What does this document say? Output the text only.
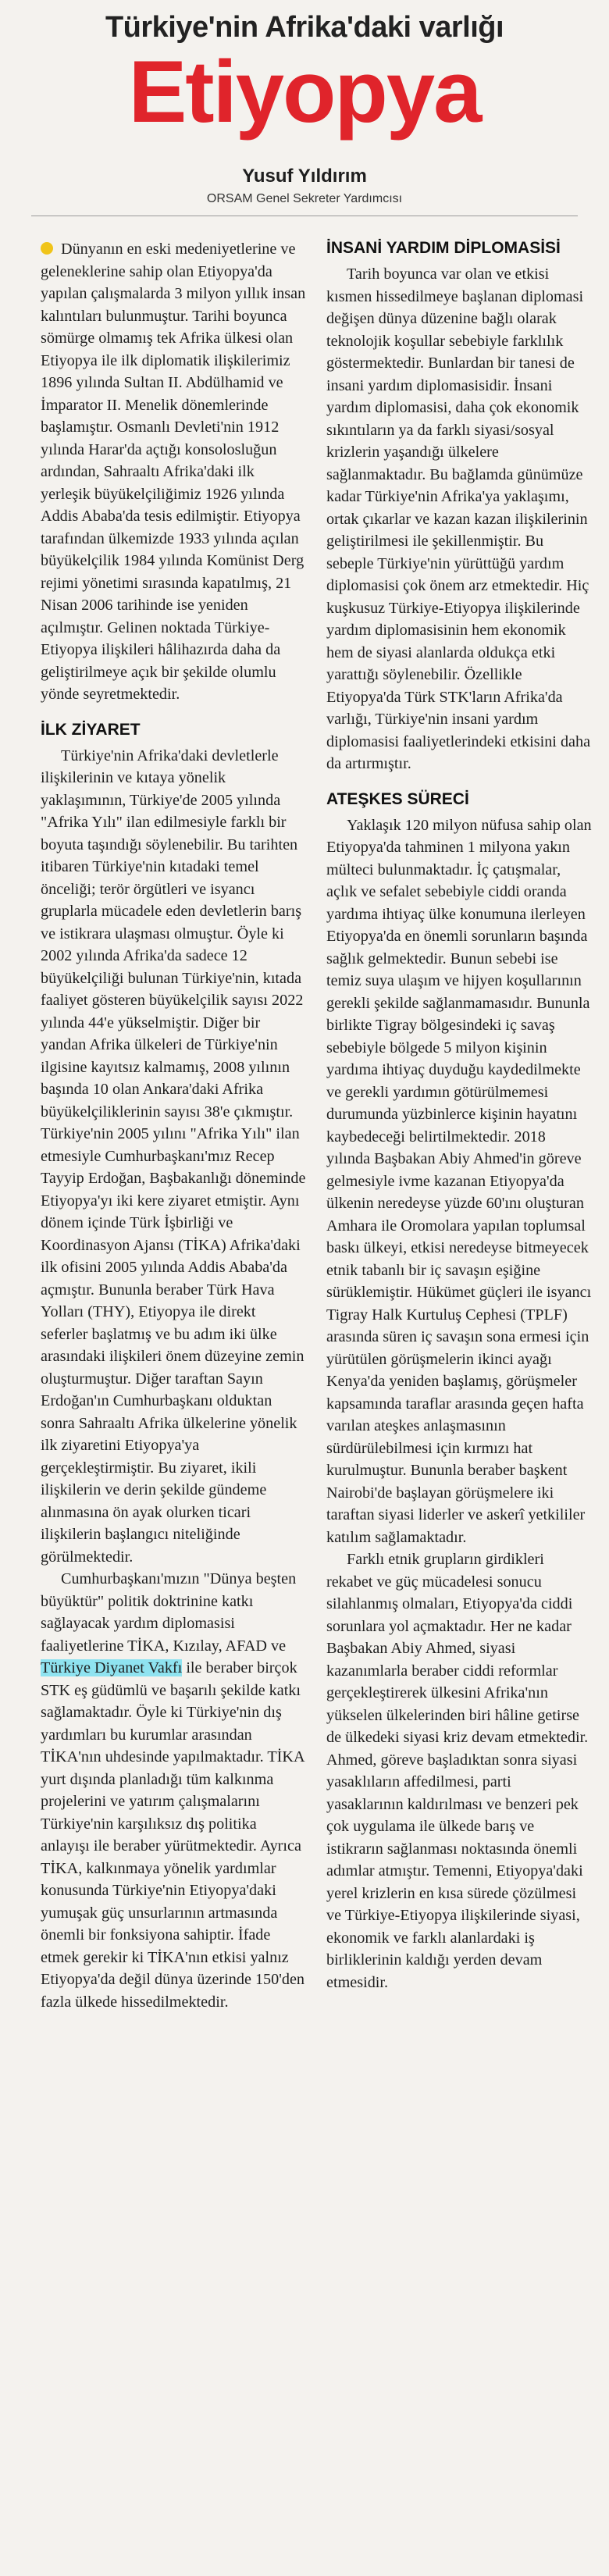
Türkiye'nin Afrika'daki varlığı
Etiyopya
Yusuf Yıldırım
ORSAM Genel Sekreter Yardımcısı

Dünyanın en eski medeniyetlerine ve geleneklerine sahip olan Etiyopya'da yapılan çalışmalarda 3 milyon yıllık insan kalıntıları bulunmuştur. Tarihi boyunca sömürge olmamış tek Afrika ülkesi olan Etiyopya ile ilk diplomatik ilişkilerimiz 1896 yılında Sultan II. Abdülhamid ve İmparator II. Menelik dönemlerinde başlamıştır. Osmanlı Devleti'nin 1912 yılında Harar'da açtığı konsolosluğun ardından, Sahraaltı Afrika'daki ilk yerleşik büyükelçiliğimiz 1926 yılında Addis Ababa'da tesis edilmiştir. Etiyopya tarafından ülkemizde 1933 yılında açılan büyükelçilik 1984 yılında Komünist Derg rejimi yönetimi sırasında kapatılmış, 21 Nisan 2006 tarihinde ise yeniden açılmıştır. Gelinen noktada Türkiye-Etiyopya ilişkileri hâlihazırda daha da geliştirilmeye açık bir şekilde olumlu yönde seyretmektedir.

İLK ZİYARET

Türkiye'nin Afrika'daki devletlerle ilişkilerinin ve kıtaya yönelik yaklaşımının, Türkiye'de 2005 yılında "Afrika Yılı" ilan edilmesiyle farklı bir boyuta taşındığı söylenebilir. Bu tarihten itibaren Türkiye'nin kıtadaki temel önceliği; terör örgütleri ve isyancı gruplarla mücadele eden devletlerin barış ve istikrara ulaşması olmuştur. Öyle ki 2002 yılında Afrika'da sadece 12 büyükelçiliği bulunan Türkiye'nin, kıtada faaliyet gösteren büyükelçilik sayısı 2022 yılında 44'e yükselmiştir. Diğer bir yandan Afrika ülkeleri de Türkiye'nin ilgisine kayıtsız kalmamış, 2008 yılının başında 10 olan Ankara'daki Afrika büyükelçiliklerinin sayısı 38'e çıkmıştır. Türkiye'nin 2005 yılını "Afrika Yılı" ilan etmesiyle Cumhurbaşkanı'mız Recep Tayyip Erdoğan, Başbakanlığı döneminde Etiyopya'yı iki kere ziyaret etmiştir. Aynı dönem içinde Türk İşbirliği ve Koordinasyon Ajansı (TİKA) Afrika'daki ilk ofisini 2005 yılında Addis Ababa'da açmıştır. Bununla beraber Türk Hava Yolları (THY), Etiyopya ile direkt seferler başlatmış ve bu adım iki ülke arasındaki ilişkileri önem düzeyine zemin oluşturmuştur. Diğer taraftan Sayın Erdoğan'ın Cumhurbaşkanı olduktan sonra Sahraaltı Afrika ülkelerine yönelik ilk ziyaretini Etiyopya'ya gerçekleştirmiştir. Bu ziyaret, ikili ilişkilerin ve derin şekilde gündeme alınmasına ön ayak olurken ticari ilişkilerin başlangıcı niteliğinde görülmektedir.

Cumhurbaşkanı'mızın "Dünya beşten büyüktür" politik doktrinine katkı sağlayacak yardım diplomasisi faaliyetlerine TİKA, Kızılay, AFAD ve Türkiye Diyanet Vakfı ile beraber birçok STK eş güdümlü ve başarılı şekilde katkı sağlamaktadır. Öyle ki Türkiye'nin dış yardımları bu kurumlar arasından TİKA'nın uhdesinde yapılmaktadır. TİKA yurt dışında planladığı tüm kalkınma projelerini ve yatırım çalışmalarını Türkiye'nin karşılıksız dış politika anlayışı ile beraber yürütmektedir. Ayrıca TİKA, kalkınmaya yönelik yardımlar konusunda Türkiye'nin Etiyopya'daki yumuşak güç unsurlarının artmasında önemli bir fonksiyona sahiptir. İfade etmek gerekir ki TİKA'nın etkisi yalnız Etiyopya'da değil dünya üzerinde 150'den fazla ülkede hissedilmektedir.

İNSANİ YARDIM DİPLOMASİSİ

Tarih boyunca var olan ve etkisi kısmen hissedilmeye başlanan diplomasi değişen dünya düzenine bağlı olarak teknolojik koşullar sebebiyle farklılık göstermektedir. Bunlardan bir tanesi de insani yardım diplomasisidir. İnsani yardım diplomasisi, daha çok ekonomik sıkıntıların ya da farklı siyasi/sosyal krizlerin yaşandığı ülkelere sağlanmaktadır. Bu bağlamda günümüze kadar Türkiye'nin Afrika'ya yaklaşımı, ortak çıkarlar ve kazan kazan ilişkilerinin geliştirilmesi ile şekillenmiştir. Bu sebeple Türkiye'nin yürüttüğü yardım diplomasisi çok önem arz etmektedir. Hiç kuşkusuz Türkiye-Etiyopya ilişkilerinde yardım diplomasisinin hem ekonomik hem de siyasi alanlarda oldukça etki yarattığı söylenebilir. Özellikle Etiyopya'da Türk STK'ların Afrika'da varlığı, Türkiye'nin insani yardım diplomasisi faaliyetlerindeki etkisini daha da artırmıştır.

ATEŞKES SÜRECİ

Yaklaşık 120 milyon nüfusa sahip olan Etiyopya'da tahminen 1 milyona yakın mülteci bulunmaktadır. İç çatışmalar, açlık ve sefalet sebebiyle ciddi oranda yardıma ihtiyaç ülke konumuna ilerleyen Etiyopya'da en önemli sorunların başında sağlık gelmektedir. Bunun sebebi ise temiz suya ulaşım ve hijyen koşullarının gerekli şekilde sağlanmamasıdır. Bununla birlikte Tigray bölgesindeki iç savaş sebebiyle bölgede 5 milyon kişinin yardıma ihtiyaç duyduğu kaydedilmekte ve gerekli yardımın götürülmemesi durumunda yüzbinlerce kişinin hayatını kaybedeceği belirtilmektedir. 2018 yılında Başbakan Abiy Ahmed'in göreve gelmesiyle ivme kazanan Etiyopya'da ülkenin neredeyse yüzde 60'ını oluşturan Amhara ile Oromolara yapılan toplumsal baskı ülkeyi, etkisi neredeyse bitmeyecek etnik tabanlı bir iç savaşın eşiğine sürüklemiştir. Hükümet güçleri ile isyancı Tigray Halk Kurtuluş Cephesi (TPLF) arasında süren iç savaşın sona ermesi için yürütülen görüşmelerin ikinci ayağı Kenya'da yeniden başlamış, görüşmeler kapsamında taraflar arasında geçen hafta varılan ateşkes anlaşmasının sürdürülebilmesi için kırmızı hat kurulmuştur. Bununla beraber başkent Nairobi'de başlayan görüşmelere iki taraftan siyasi liderler ve askerî yetkililer katılım sağlamaktadır.

Farklı etnik grupların girdikleri rekabet ve güç mücadelesi sonucu silahlanmış olmaları, Etiyopya'da ciddi sorunlara yol açmaktadır. Her ne kadar Başbakan Abiy Ahmed, siyasi kazanımlarla beraber ciddi reformlar gerçekleştirerek ülkesini Afrika'nın yükselen ülkelerinden biri hâline getirse de ülkedeki siyasi kriz devam etmektedir. Ahmed, göreve başladıktan sonra siyasi yasaklıların affedilmesi, parti yasaklarının kaldırılması ve benzeri pek çok uygulama ile ülkede barış ve istikrarın sağlanması noktasında önemli adımlar atmıştır. Temenni, Etiyopya'daki yerel krizlerin en kısa sürede çözülmesi ve Türkiye-Etiyopya ilişkilerinde siyasi, ekonomik ve farklı alanlardaki iş birliklerinin kaldığı yerden devam etmesidir.
